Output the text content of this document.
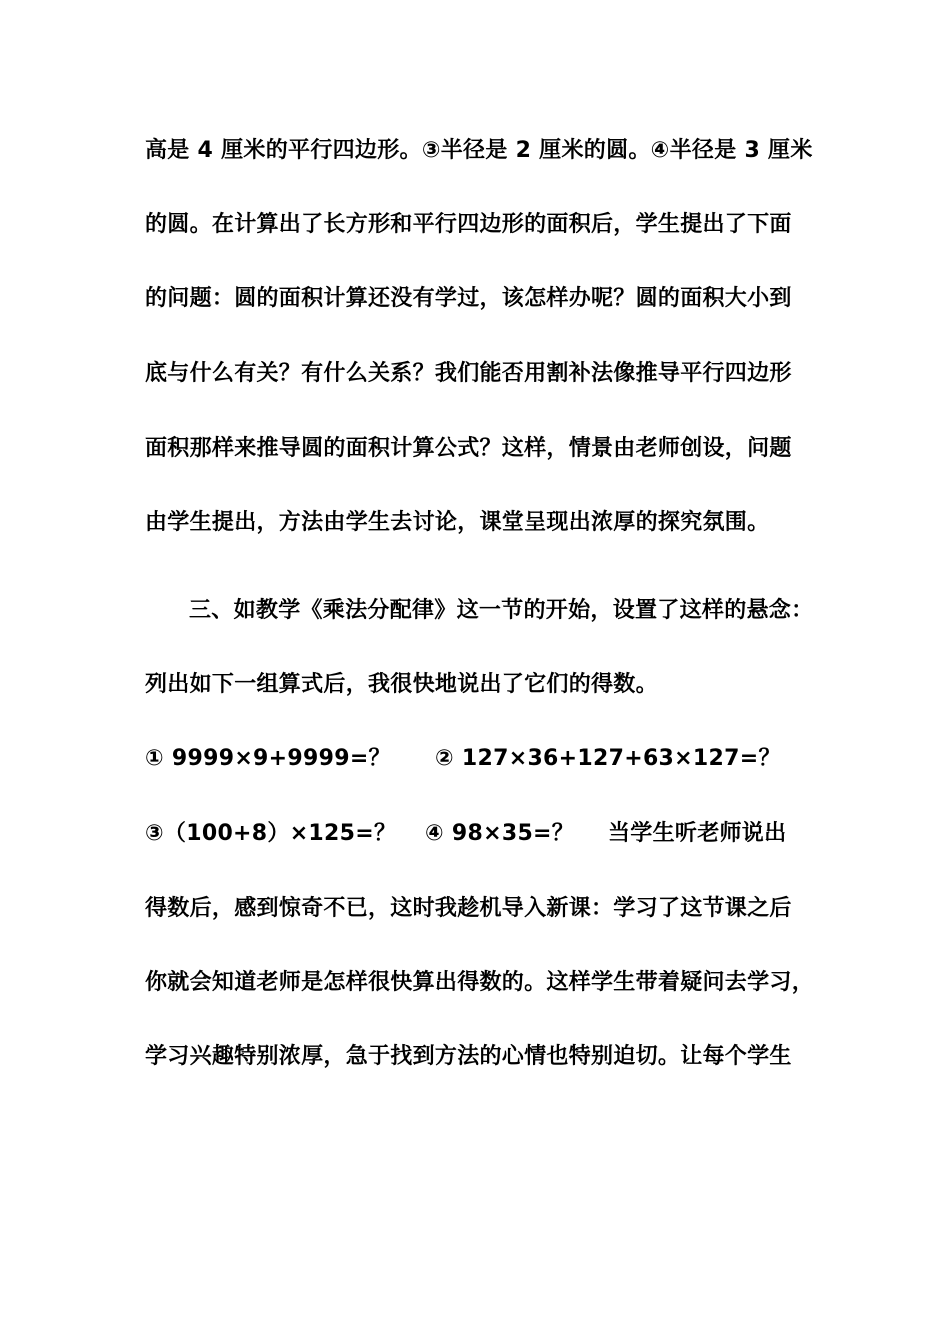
高是 4 厘米的平行四边形。③半径是 2 厘米的圆。④半径是 3 厘米
的圆。在计算出了长方形和平行四边形的面积后，学生提出了下面
的问题：圆的面积计算还没有学过，该怎样办呢？圆的面积大小到
底与什么有关？有什么关系？我们能否用割补法像推导平行四边形
面积那样来推导圆的面积计算公式？这样，情景由老师创设，问题
由学生提出，方法由学生去讨论，课堂呈现出浓厚的探究氛围。
三、如教学《乘法分配律》这一节的开始，设置了这样的悬念：
列出如下一组算式后，我很快地说出了它们的得数。
① 9999×9+9999=？ ② 127×36+127+63×127=？
③（100+8）×125=？ ④ 98×35=？ 当学生听老师说出
得数后，感到惊奇不已，这时我趁机导入新课：学习了这节课之后
你就会知道老师是怎样很快算出得数的。这样学生带着疑问去学习，
学习兴趣特别浓厚，急于找到方法的心情也特别迫切。让每个学生
